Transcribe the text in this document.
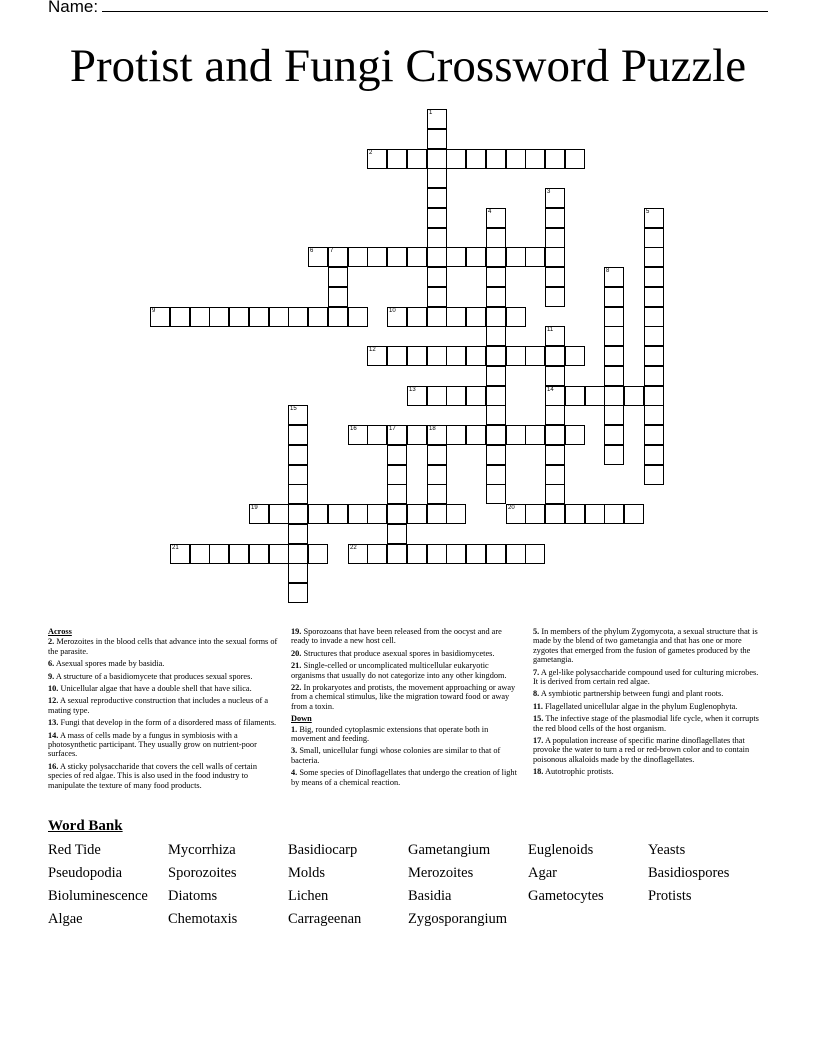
Name:
Protist and Fungi Crossword Puzzle
1
2
3
4	5
6	7
8
9	10
11
14
12
13
15
16	17	18
19	20
21	22
Across
2. Merozoites in the blood cells that advance into the sexual forms of the parasite.
6. Asexual spores made by basidia.
9. A structure of a basidiomycete that produces sexual spores.
10. Unicellular algae that have a double shell that have silica.
12. A sexual reproductive construction that includes a nucleus of a mating type.
13. Fungi that develop in the form of a disordered mass of filaments.
14. A mass of cells made by a fungus in symbiosis with a photosynthetic participant. They usually grow on nutrient-poor surfaces.
16. A sticky polysaccharide that covers the cell walls of certain species of red algae. This is also used in the food industry to manipulate the texture of many food products.
19. Sporozoans that have been released from the oocyst and are ready to invade a new host cell.
20. Structures that produce asexual spores in basidiomycetes.
21. Single-celled or uncomplicated multicellular eukaryotic organisms that usually do not categorize into any other kingdom.
22. In prokaryotes and protists, the movement approaching or away from a chemical stimulus, like the migration toward food or away from a toxin.
Down
1. Big, rounded cytoplasmic extensions that operate both in movement and feeding.
3. Small, unicellular fungi whose colonies are similar to that of bacteria.
4. Some species of Dinoflagellates that undergo the creation of light by means of a chemical reaction.
5. In members of the phylum Zygomycota, a sexual structure that is made by the blend of two gametangia and that has one or more zygotes that emerged from the fusion of gametes produced by the gametangia.
7. A gel-like polysaccharide compound used for culturing microbes. It is derived from certain red algae.
8. A symbiotic partnership between fungi and plant roots.
11. Flagellated unicellular algae in the phylum Euglenophyta.
15. The infective stage of the plasmodial life cycle, when it corrupts the red blood cells of the host organism.
17. A population increase of specific marine dinoflagellates that provoke the water to turn a red or red-brown color and to contain poisonous alkaloids made by the dinoflagellates.
18. Autotrophic protists.
Word Bank
Red Tide	Mycorrhiza	Basidiocarp	Gametangium	Euglenoids	Yeasts
Pseudopodia	Sporozoites	Molds	Merozoites	Agar	Basidiospores
Bioluminescence	Diatoms	Lichen	Basidia	Gametocytes	Protists
Algae	Chemotaxis	Carrageenan	Zygosporangium
